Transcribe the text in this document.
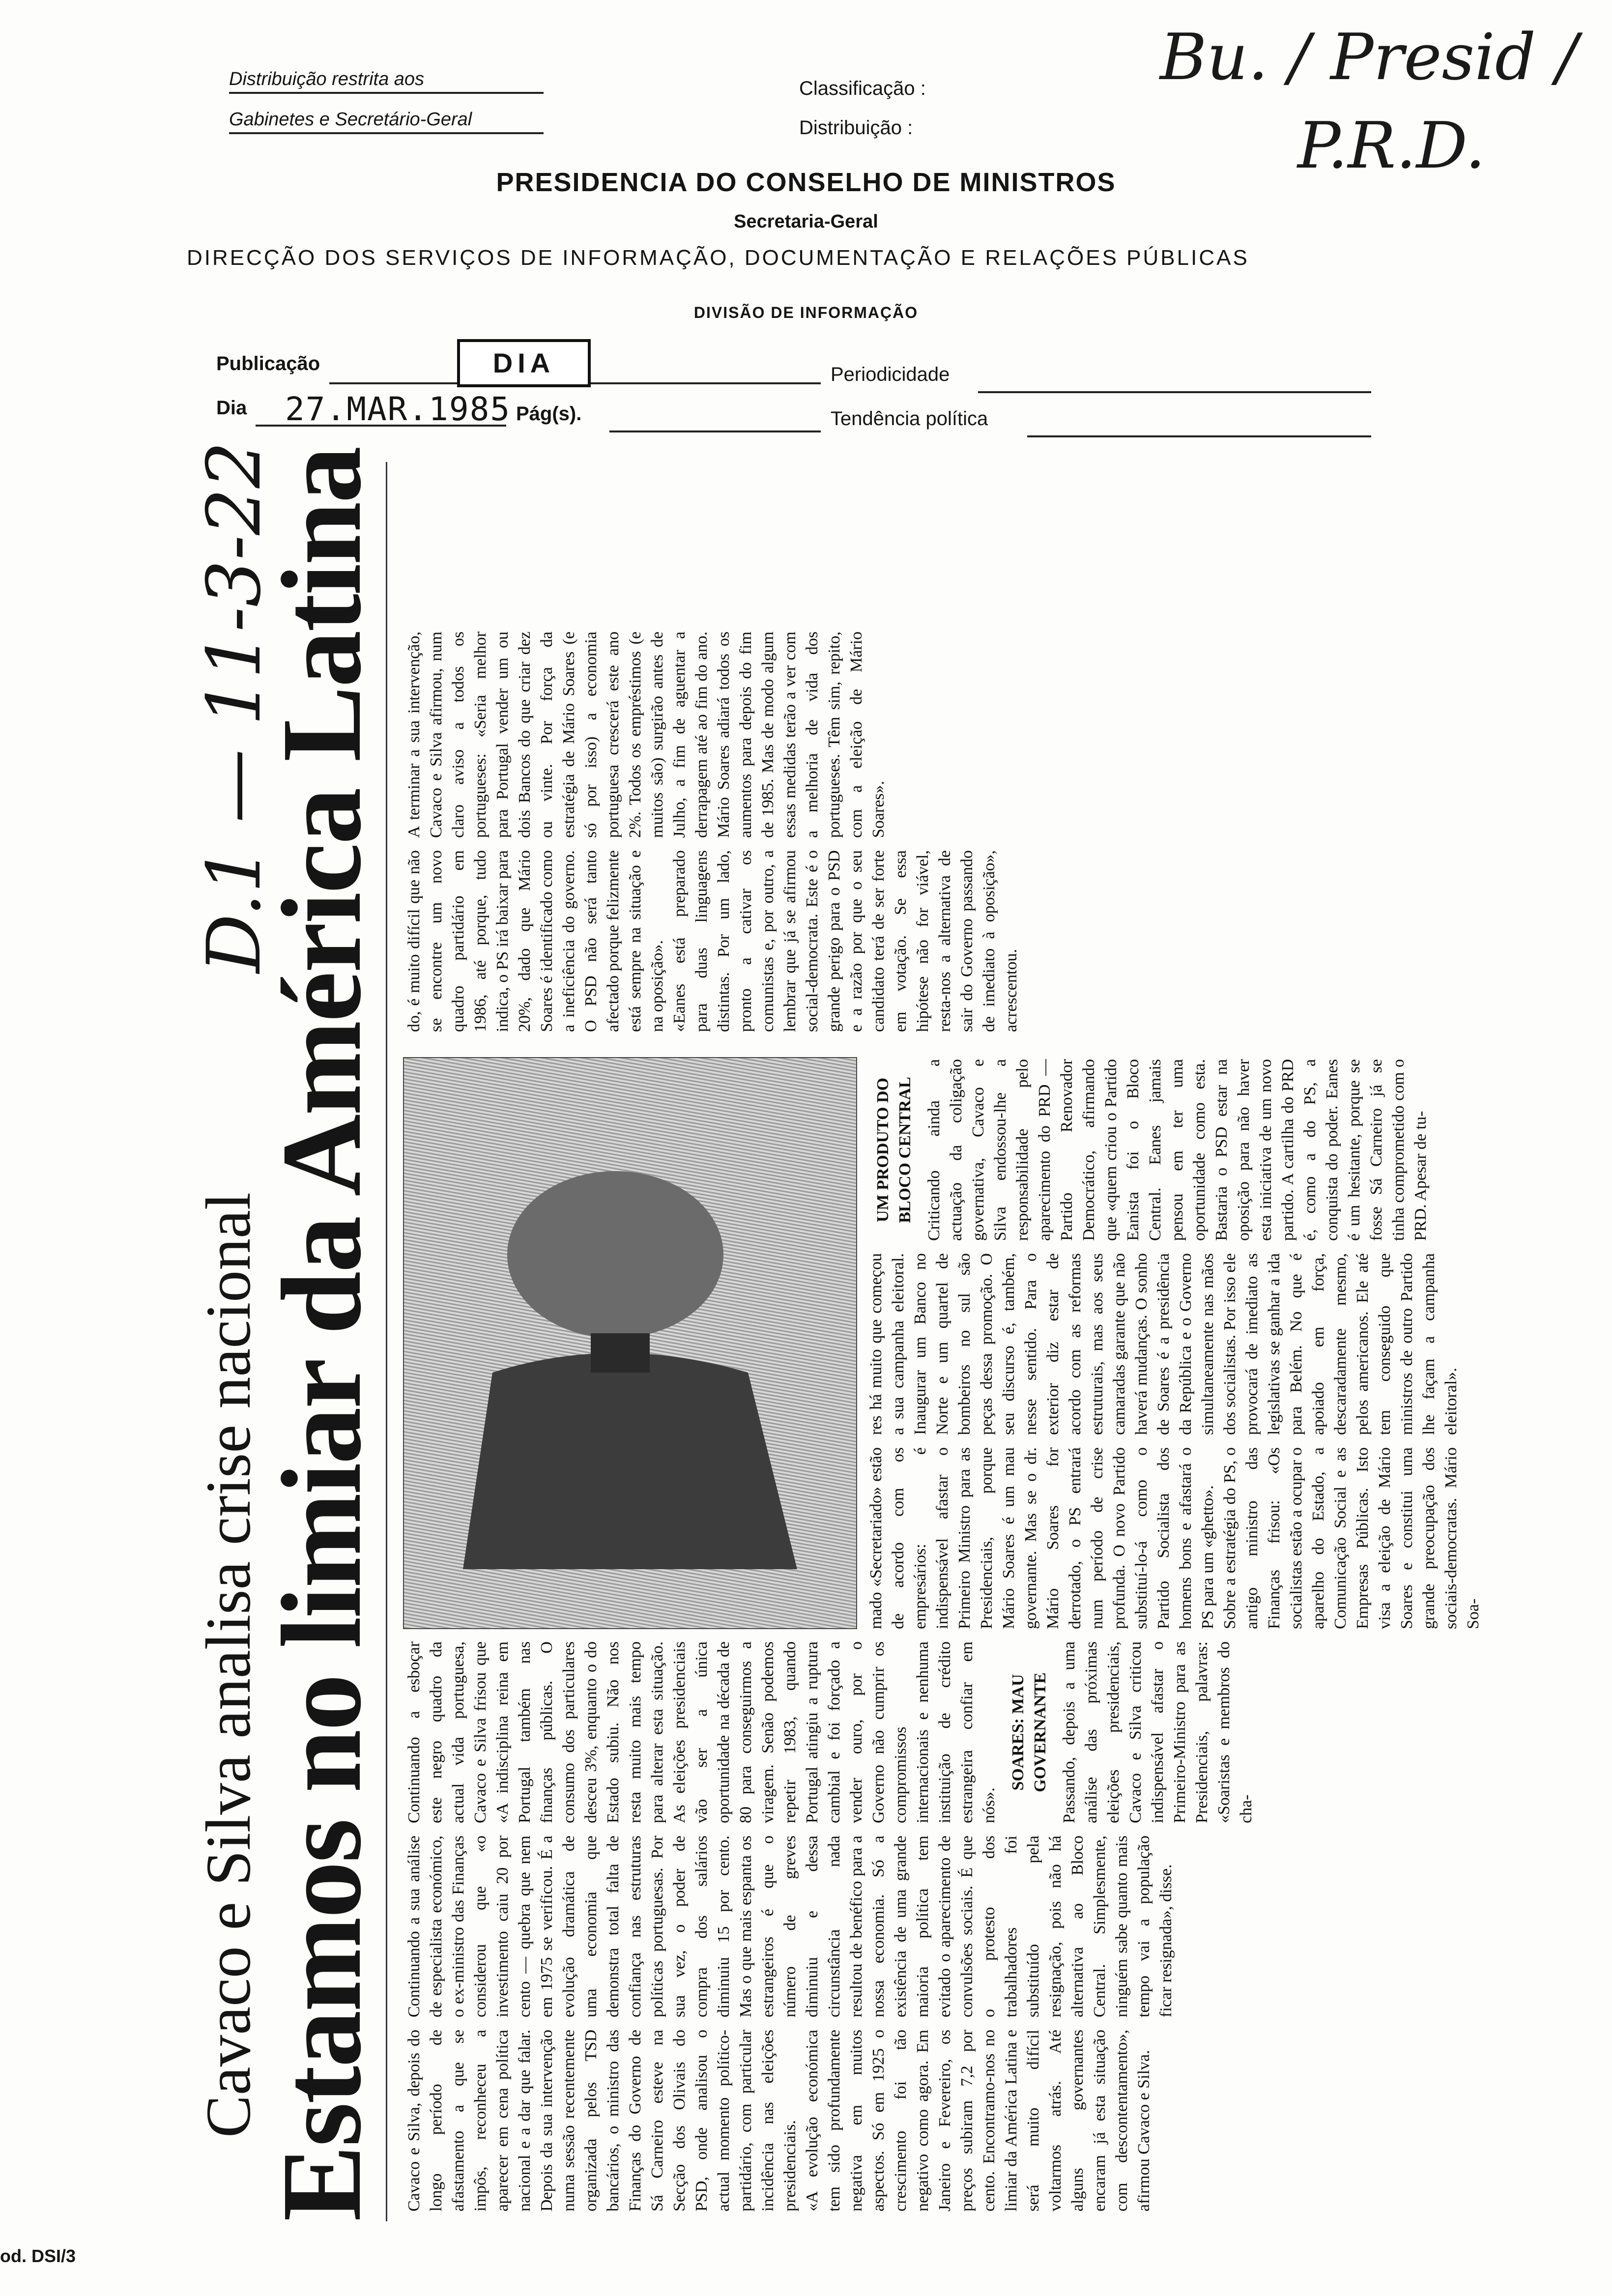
Distribuição restrita aos
Gabinetes e Secretário-Geral
Classificação :
Distribuição :
Bu. / Presid /
P.R.D.
PRESIDENCIA DO CONSELHO DE MINISTROS
Secretaria-Geral
DIRECÇÃO DOS SERVIÇOS DE INFORMAÇÃO, DOCUMENTAÇÃO E RELAÇÕES PÚBLICAS
DIVISÃO DE INFORMAÇÃO
Publicação	DIA	Periodicidade
Dia 27.MAR.1985 Pág(s).	Tendência política
Cavaco e Silva analisa crise nacional
D.1 — 11-3-22
Estamos no limiar da América Latina Cavaco e Silva, depois do longo período de afastamento a que se impôs, reconheceu a aparecer em cena política nacional e a dar que falar. Depois da sua intervenção numa sessão recentemente organizada pelos TSD bancários, o ministro das Finanças do Governo de Sá Carneiro esteve na Secção dos Olivais do PSD, onde analisou o actual momento político-partidário, com particular incidência nas eleições presidenciais. «A evolução económica tem sido profundamente negativa em muitos aspectos. Só em 1925 o crescimento foi tão negativo como agora. Em Janeiro e Fevereiro, os preços subiram 7,2 por cento. Encontramo-nos no limiar da América Latina e será muito difícil voltarmos atrás. Até alguns governantes encaram já esta situação com descontentamento», afirmou Cavaco e Silva.

Continuando a sua análise de especialista económico, o ex-ministro das Finanças considerou que «o investimento caiu 20 por cento — quebra que nem em 1975 se verificou. É a evolução dramática de uma economia que demonstra total falta de confiança nas estruturas políticas portuguesas. Por sua vez, o poder de compra dos salários diminuiu 15 por cento. Mas o que mais espanta os estrangeiros é que o número de greves diminuiu e dessa circunstância nada resultou de benéfico para a nossa economia. Só a existência de uma grande maioria política tem evitado o aparecimento de convulsões sociais. É que o protesto dos trabalhadores foi substituído pela resignação, pois não há alternativa ao Bloco Central. Simplesmente, ninguém sabe quanto mais tempo vai a população ficar resignada», disse.

Continuando a esboçar este negro quadro da actual vida portuguesa, Cavaco e Silva frisou que «A indisciplina reina em Portugal também nas finanças públicas. O consumo dos particulares desceu 3%, enquanto o do Estado subiu. Não nos resta muito mais tempo para alterar esta situação. As eleições presidenciais vão ser a única oportunidade na década de 80 para conseguirmos a viragem. Senão podemos repetir 1983, quando Portugal atingiu a ruptura cambial e foi forçado a vender ouro, por o Governo não cumprir os compromissos internacionais e nenhuma instituição de crédito estrangeira confiar em nós».

SOARES: MAU GOVERNANTE Passando, depois a uma análise das próximas eleições presidenciais, Cavaco e Silva criticou indispensável afastar o Primeiro-Ministro para as Presidenciais, palavras: «Soaristas e membros do cha-

mado «Secretariado» estão de acordo com os empresários: é indispensável afastar o Primeiro Ministro para as Presidenciais, porque Mário Soares é um mau governante. Mas se o dr. Mário Soares for derrotado, o PS entrará num período de crise profunda. O novo Partido substituí-lo-á como o Partido Socialista dos homens bons e afastará o PS para um «ghetto». Sobre a estratégia do PS, o antigo ministro das Finanças frisou: «Os socialistas estão a ocupar o aparelho do Estado, a Comunicação Social e as Empresas Públicas. Isto visa a eleição de Mário Soares e constitui uma grande preocupação dos sociais-democratas. Mário Soa-

res há muito que começou a sua campanha eleitoral. Inaugurar um Banco no Norte e um quartel de bombeiros no sul são peças dessa promoção. O seu discurso é, também, nesse sentido. Para o exterior diz estar de acordo com as reformas estruturais, mas aos seus camaradas garante que não haverá mudanças. O sonho de Soares é a presidência da República e o Governo simultaneamente nas mãos dos socialistas. Por isso ele provocará de imediato as legislativas se ganhar a ida para Belém. No que é apoiado em força, descaradamente mesmo, pelos americanos. Ele até tem conseguido que ministros de outro Partido lhe façam a campanha eleitoral».

UM PRODUTO DO BLOCO CENTRAL Criticando ainda a actuação da coligação governativa, Cavaco e Silva endossou-lhe a responsabilidade pelo aparecimento do PRD — Partido Renovador Democrático, afirmando que «quem criou o Partido Eanista foi o Bloco Central. Eanes jamais pensou em ter uma oportunidade como esta. Bastaria o PSD estar na oposição para não haver esta iniciativa de um novo partido. A cartilha do PRD é, como a do PS, a conquista do poder. Eanes é um hesitante, porque se fosse Sá Carneiro já se tinha comprometido com o PRD. Apesar de tu-

do, é muito difícil que não se encontre um novo quadro partidário em 1986, até porque, tudo indica, o PS irá baixar para 20%, dado que Mário Soares é identificado como a ineficiência do governo. O PSD não será tanto afectado porque felizmente está sempre na situação e na oposição». «Eanes está preparado para duas linguagens distintas. Por um lado, pronto a cativar os comunistas e, por outro, a lembrar que já se afirmou social-democrata. Este é o grande perigo para o PSD e a razão por que o seu candidato terá de ser forte em votação. Se essa hipótese não for viável, resta-nos a alternativa de sair do Governo passando de imediato à oposição», acrescentou.

A terminar a sua intervenção, Cavaco e Silva afirmou, num claro aviso a todos os portugueses: «Seria melhor para Portugal vender um ou dois Bancos do que criar dez ou vinte. Por força da estratégia de Mário Soares (e só por isso) a economia portuguesa crescerá este ano 2%. Todos os empréstimos (e muitos são) surgirão antes de Julho, a fim de aguentar a derrapagem até ao fim do ano. Mário Soares adiará todos os aumentos para depois do fim de 1985. Mas de modo algum essas medidas terão a ver com a melhoria de vida dos portugueses. Têm sim, repito, com a eleição de Mário Soares».

od. DSI/3
